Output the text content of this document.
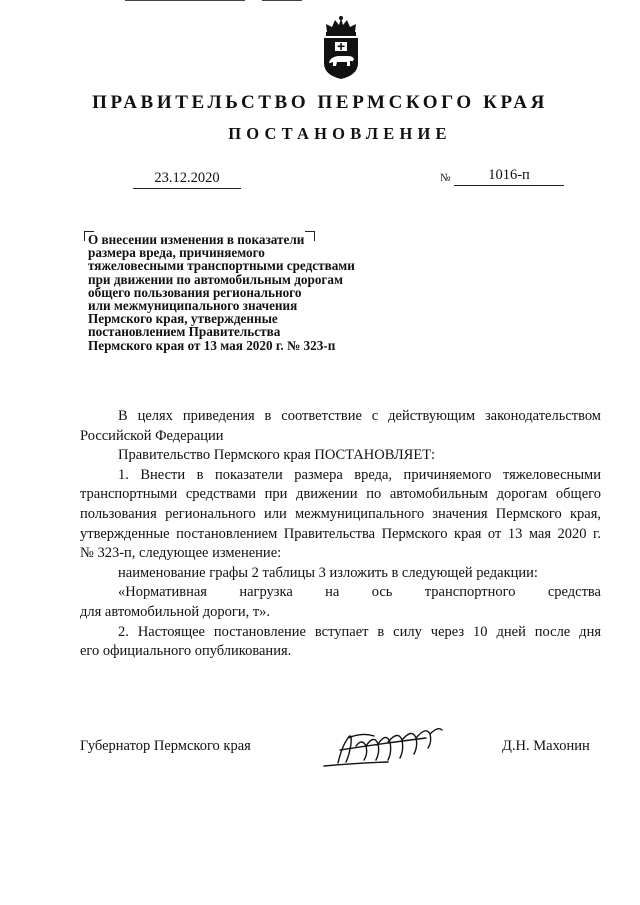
ПРАВИТЕЛЬСТВО ПЕРМСКОГО КРАЯ
ПОСТАНОВЛЕНИЕ
23.12.2020	№	1016-п
О внесении изменения в показатели
размера вреда, причиняемого
тяжеловесными транспортными средствами
при движении по автомобильным дорогам
общего пользования регионального
или межмуниципального значения
Пермского края, утвержденные
постановлением Правительства
Пермского края от 13 мая 2020 г. № 323-п

В целях приведения в соответствие с действующим законодательством

Российской Федерации

Правительство Пермского края ПОСТАНОВЛЯЕТ:

1. Внести в показатели размера вреда, причиняемого тяжеловесными

транспортными средствами при движении по автомобильным дорогам общего

пользования регионального или межмуниципального значения Пермского края,

утвержденные постановлением Правительства Пермского края от 13 мая 2020 г.

№ 323-п, следующее изменение:

наименование графы 2 таблицы 3 изложить в следующей редакции:

«Нормативная нагрузка на ось транспортного средства

для автомобильной дороги, т».

2. Настоящее постановление вступает в силу через 10 дней после дня

его официального опубликования.

Губернатор Пермского края	Д.Н. Махонин
